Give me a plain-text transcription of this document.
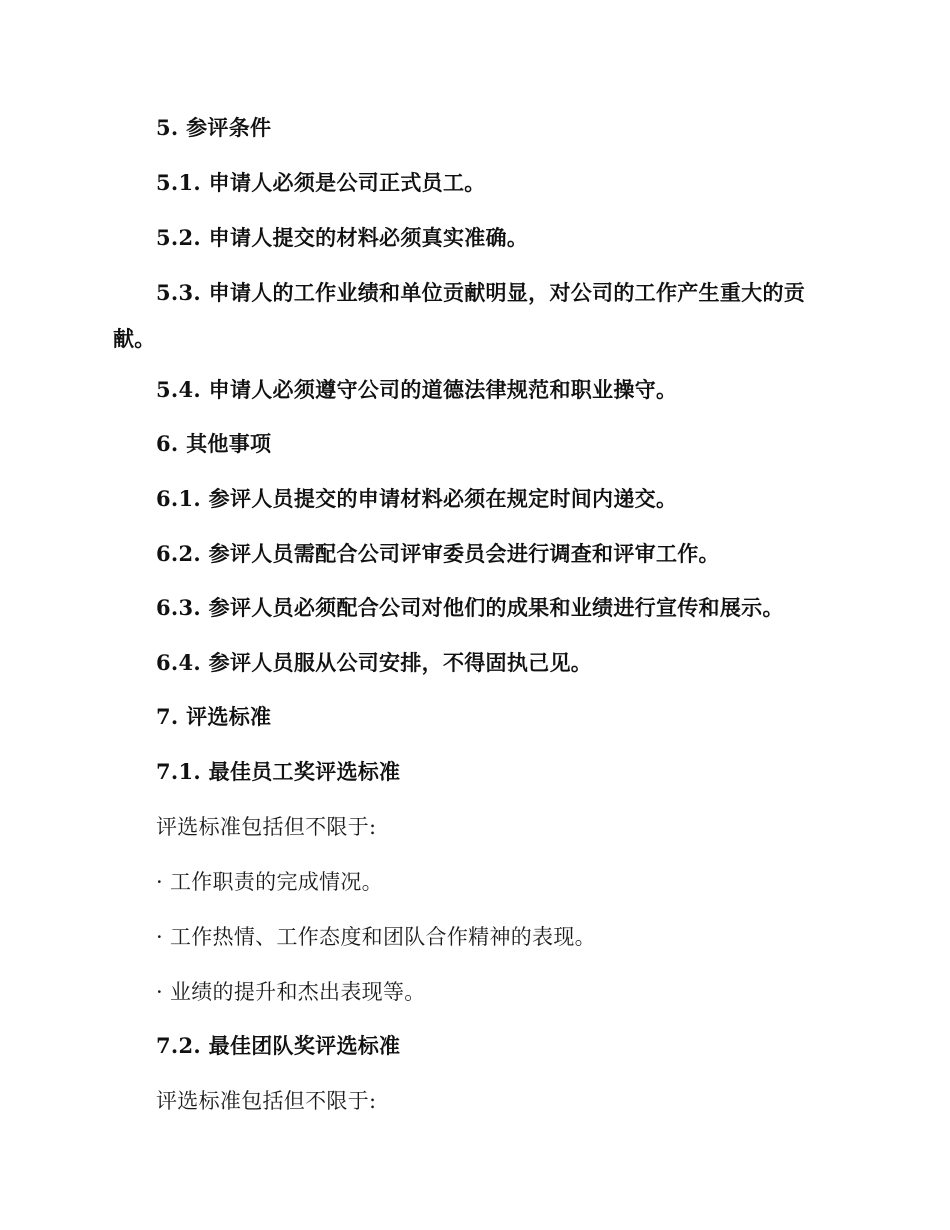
5. 参评条件
5.1. 申请人必须是公司正式员工。
5.2. 申请人提交的材料必须真实准确。
5.3. 申请人的工作业绩和单位贡献明显，对公司的工作产生重大的贡献。
5.4. 申请人必须遵守公司的道德法律规范和职业操守。
6. 其他事项
6.1. 参评人员提交的申请材料必须在规定时间内递交。
6.2. 参评人员需配合公司评审委员会进行调查和评审工作。
6.3. 参评人员必须配合公司对他们的成果和业绩进行宣传和展示。
6.4. 参评人员服从公司安排，不得固执己见。
7. 评选标准
7.1. 最佳员工奖评选标准
评选标准包括但不限于:
· 工作职责的完成情况。
· 工作热情、工作态度和团队合作精神的表现。
· 业绩的提升和杰出表现等。
7.2. 最佳团队奖评选标准
评选标准包括但不限于:
